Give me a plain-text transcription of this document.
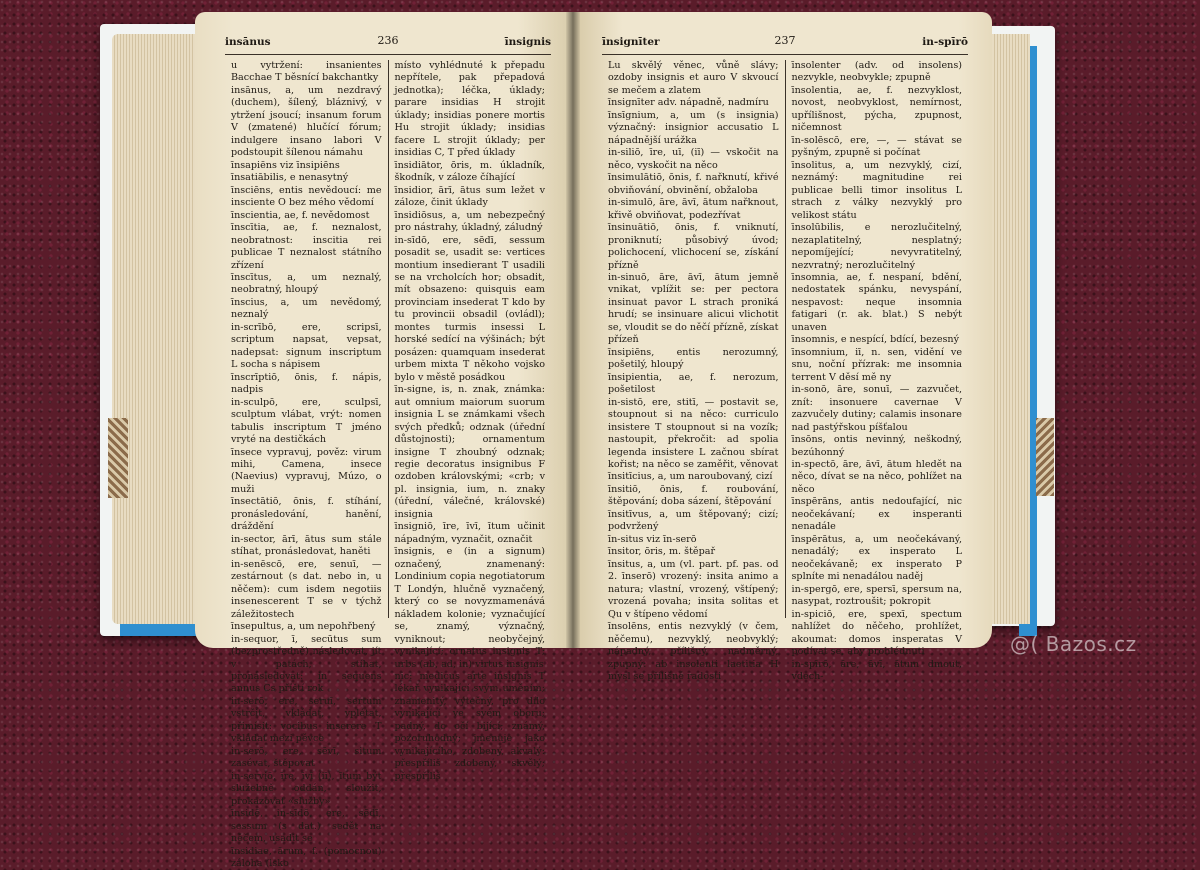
insānus	236	īnsignis

u vytržení: insanientes Bacchae T běsnící bakchantky

insānus, a, um nezdravý (duchem), šílený, bláznivý, v ytržení jsoucí; insanum forum V (zmatené) hlučící fórum; indulgere insano labori V podstoupit šílenou námahu

īnsapiēns viz īnsipiēns

īnsatiābilis, e nenasytný

īnsciēns, entis nevědoucí: me insciente O bez mého vědomí

īnscientia, ae, f. nevědomost

īnscītia, ae, f. neznalost, neobratnost: inscitia rei publicae T neznalost státního zřízení

īnscītus, a, um neznalý, neobratný, hloupý

īnscius, a, um nevědomý, neznalý

in-scrībō, ere, scripsī, scriptum napsat, vepsat, nadepsat: signum inscriptum L socha s nápisem

īnscrīptiō, ōnis, f. nápis, nadpis

in-sculpō, ere, sculpsī, sculptum vlábat, vrýt: nomen tabulis inscriptum T jméno vryté na destičkách

īnsece vypravuj, pověz: virum mihi, Camena, insece (Naevius) vypravuj, Múzo, o muži

īnsectātiō, ōnis, f. stíhání, pronásledování, hanění, dráždění

in-sector, ārī, ātus sum stále stíhat, pronásledovat, haněti

in-senēscō, ere, senuī, — zestárnout (s dat. nebo in, u něčem): cum isdem negotiis insenescerent T se v týchž záležitostech

īnsepultus, a, um nepohřbený

in-sequor, ī, secūtus sum (bezprostředně) následovat, jít v patách, stíhat, pronásledovat: in sequens annus Cs příští rok

in-serō, ere, seruī, sertum vstrčit, vkládat, vplétat, přimísit: vocibus inserere T vkládat mezi pěvce

in-serō, ere, sēvī, situm zasévat, štěpovat

in-serviō, īre, īvī (iī), ītum být služebně oddán, sloužit, prokazovat «služby»

īnsidē, in-sīdō, ere, sēdī, sessum (s dat.) sedět na něčem, usadit se

īnsidiae, ārum, f. (pomocnou) záloha (lsko

místo vyhlédnuté k přepadu nepřítele, pak přepadová jednotka); léčka, úklady; parare insidias H strojit úklady; insidias ponere mortis Hu strojit úklady; insidias facere L strojit úklady; per insidias C, T před úklady

īnsidiātor, ōris, m. úkladník, škodník, v záloze číhající

īnsidior, ārī, ātus sum ležet v záloze, činit úklady

īnsidiōsus, a, um nebezpečný pro nástrahy, úkladný, záludný

in-sīdō, ere, sēdī, sessum posadit se, usadit se: vertices montium insedierant T usadili se na vrcholcích hor; obsadit, mít obsazeno: quisquis eam provinciam insederat T kdo by tu provincii obsadil (ovládl); montes turmis insessi L horské sedící na výšinách; být posázen: quamquam insederat urbem mixta T někoho vojsko bylo v městě posádkou

īn-signe, is, n. znak, známka: aut omnium maiorum suorum insignia L se známkami všech svých předků; odznak (úřední důstojnosti); ornamentum insigne T zhoubný odznak; regie decoratus insignibus F ozdoben královskými; «crb; v pl. insignia, ium, n. znaky (úřední, válečné, královské) insignia

īnsigniō, īre, īvī, ītum učinit nápadným, vyznačit, označit

īnsignis, e (in a signum) označený, znamenaný: Londinium copia negotiatorum T Londýn, hlučně vyznačený, který co se novyzmamenává nákladem kolonie; vyznačující se, znamý, význačný, vyniknout; neobyčejný, vynikající; ornatus insignis T; urbs (ab, ad, in) virtus insignis

nic: medicus arte insignis T lékař vynikající svým uměním; znamenitý, výtečný, pro dílo vynikající ve svém oboru; padný, do očí bijící; známý, pozoruhodný; jmenuje jako vynikajícího, zdobený, akvalý: přespříliš zdobený, skvělý; přespříliš

īnsignīter	237	in-spīrō

Lu skvělý věnec, vůně slávy; ozdoby insignis et auro V skvoucí se mečem a zlatem

īnsignīter adv. nápadně, nadmíru

īnsīgnium, a, um (s insignia) význačný: insignior accusatio L nápadnější urážka

in-siliō, īre, uī, (iī) — vskočit na něco, vyskočit na něco

īnsimulātiō, ōnis, f. nařknutí, křivé obviňování, obvinění, obžaloba

in-simulō, āre, āvī, ātum nařknout, křivě obviňovat, podezřívat

īnsinuātiō, ōnis, f. vniknutí, proniknutí; působivý úvod; polichocení, vlichocení se, získání přízně

in-sinuō, āre, āvī, ātum jemně vnikat, vplížit se: per pectora insinuat pavor L strach proniká hrudí; se insinuare alicui vlichotit se, vloudit se do něčí přízně, získat přízeň

īnsipiēns, entis nerozumný, pošetilý, hloupý

īnsipientia, ae, f. nerozum, pošetilost

in-sistō, ere, stitī, — postavit se, stoupnout si na něco: curriculo insistere T stoupnout si na vozík; nastoupit, překročit: ad spolia legenda insistere L začnou sbírat kořist; na něco se zaměřit, věnovat

īnsitīcius, a, um naroubovaný, cizí

īnsitiō, ōnis, f. roubování, štěpování; doba sázení, štěpování

īnsitīvus, a, um štěpovaný; cizí; podvržený

īn-situs viz īn-serō

īnsitor, ōris, m. štěpař

īnsitus, a, um (vl. part. pf. pas. od 2. īnserō) vrozený: insita animo a natura; vlastní, vrozený, vštípený; vrozená povaha; insita solitas et Qu v štípeno vědomí

īnsolēns, entis nezvyklý (v čem, něčemu), nezvyklý, neobvyklý; nápadný, přílišný, nadměrný, zpupný: ab insolenti laetitia H mysl se přílišné radosti

īnsolenter (adv. od insolens) nezvykle, neobvykle; zpupně

īnsolentia, ae, f. nezvyklost, novost, neobvyklost, nemírnost, upřílišnost, pýcha, zpupnost, ničemnost

īn-solēscō, ere, —, — stávat se pyšným, zpupně si počínat

īnsolitus, a, um nezvyklý, cizí, neznámý: magnitudine rei publicae belli timor insolitus L strach z války nezvyklý pro velikost státu

īnsolūbilis, e nerozlučitelný, nezaplatitelný, nesplatný; nepomíjející; nevyvratitelný, nezvratný; nerozlučitelný

īnsomnia, ae, f. nespaní, bdění, nedostatek spánku, nevyspání, nespavost: neque insomnia fatigari (r. ak. blat.) S nebýt unaven

īnsomnis, e nespící, bdící, bezesný

īnsomnium, iī, n. sen, vidění ve snu, noční přízrak: me insomnia terrent V děsí mě ny

in-sonō, āre, sonuī, — zazvučet, znít: insonuere cavernae V zazvučely dutiny; calamis insonare nad pastýřskou píšťalou

īnsōns, ontis nevinný, neškodný, bezúhonný

in-spectō, āre, āvī, ātum hledět na něco, dívat se na něco, pohlížet na něco

īnspērāns, antis nedoufající, nic neočekávaní; ex insperanti nenadále

īnspērātus, a, um neočekávaný, nenadálý; ex insperato L neočekávaně; ex insperato P splníte mi nenadálou naděj

in-spergō, ere, spersī, spersum na, nasypat, roztroušit; pokropit

in-spiciō, ere, spexī, spectum nahlížet do něčeho, prohlížet, akoumat: domos insperatas V podívat se, aby prohlédnuti

in-spīrō, āre, āvī, ātum dmout, vdech-

@( Bazos.cz
